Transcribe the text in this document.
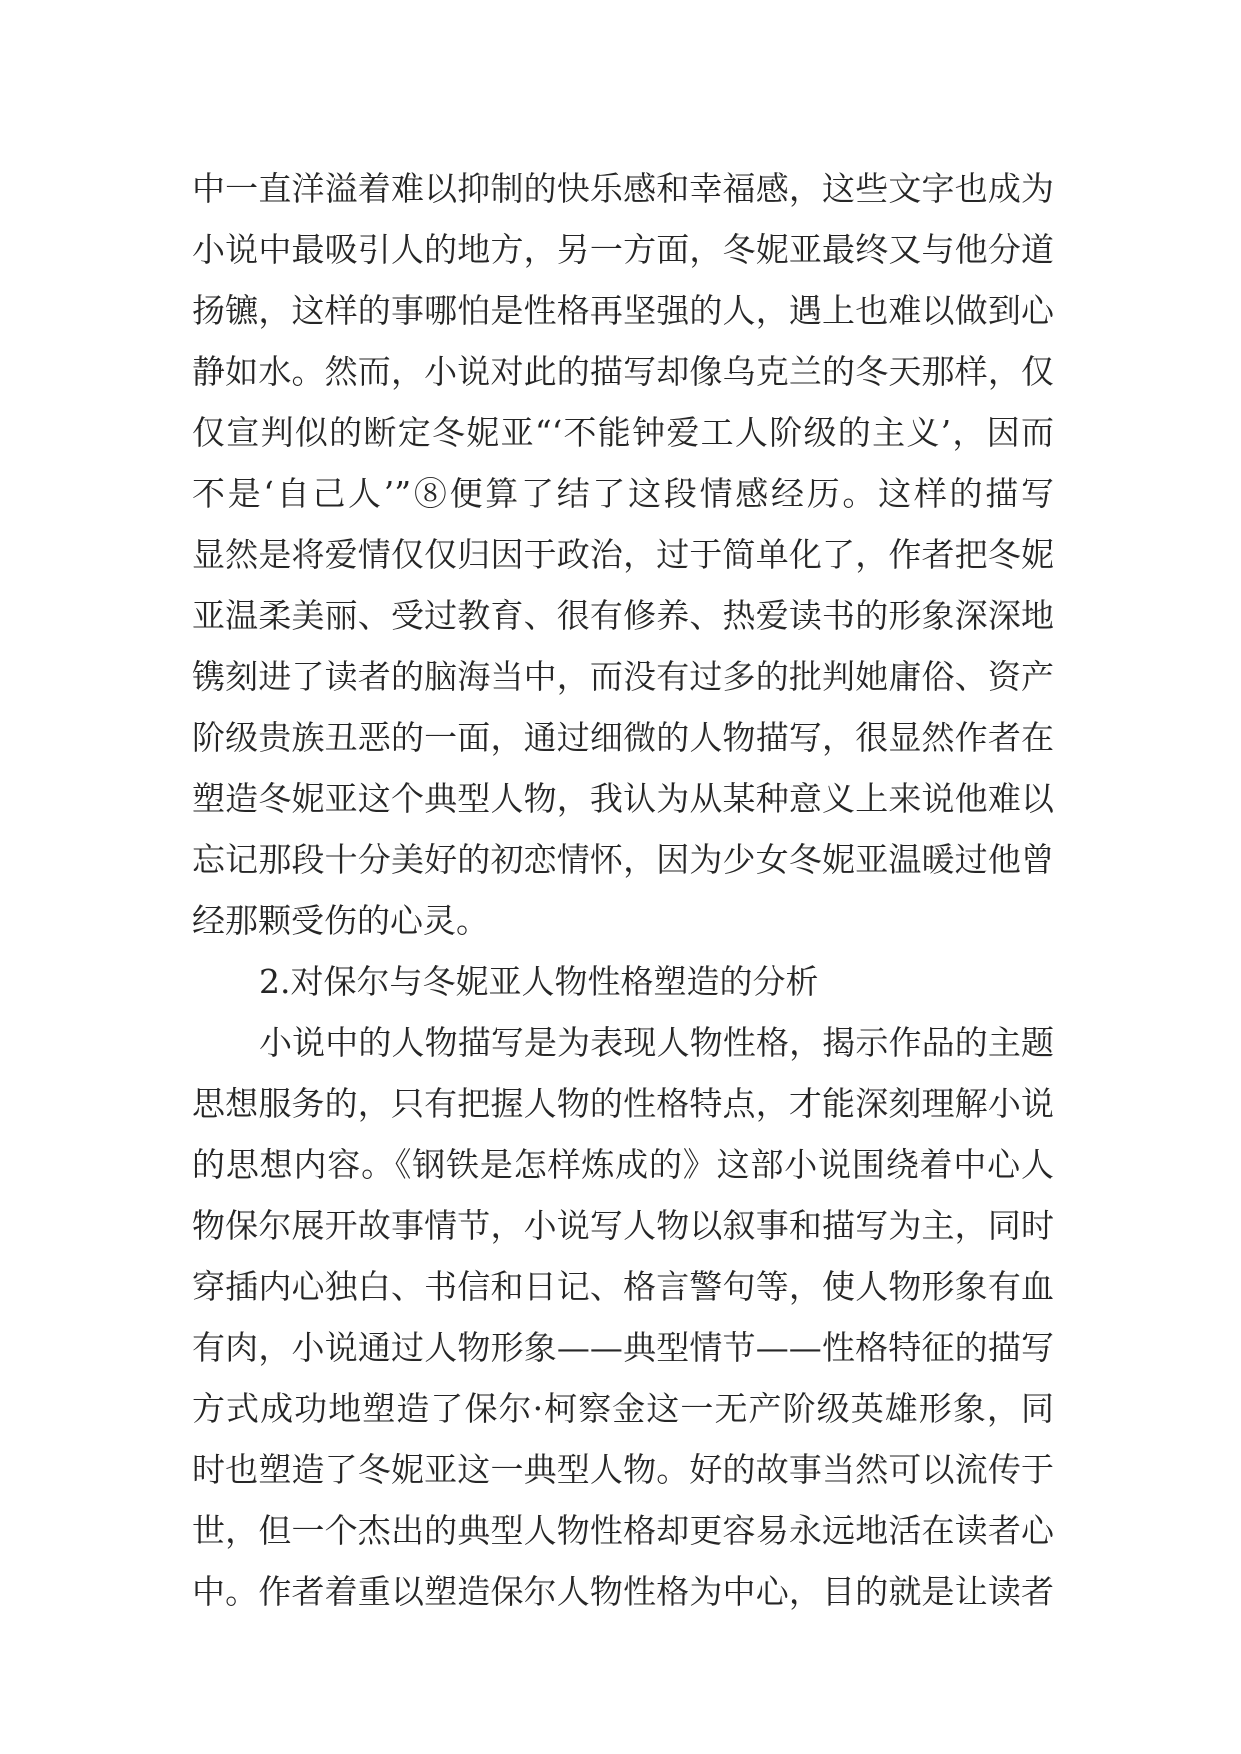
中一直洋溢着难以抑制的快乐感和幸福感，这些文字也成为
小说中最吸引人的地方，另一方面，冬妮亚最终又与他分道
扬镳，这样的事哪怕是性格再坚强的人，遇上也难以做到心
静如水。然而，小说对此的描写却像乌克兰的冬天那样，仅
仅宣判似的断定冬妮亚“‘不能钟爱工人阶级的主义’，因而
不是‘自己人’”⑧便算了结了这段情感经历。这样的描写
显然是将爱情仅仅归因于政治，过于简单化了，作者把冬妮
亚温柔美丽、受过教育、很有修养、热爱读书的形象深深地
镌刻进了读者的脑海当中，而没有过多的批判她庸俗、资产
阶级贵族丑恶的一面，通过细微的人物描写，很显然作者在
塑造冬妮亚这个典型人物，我认为从某种意义上来说他难以
忘记那段十分美好的初恋情怀，因为少女冬妮亚温暖过他曾
经那颗受伤的心灵。
2.对保尔与冬妮亚人物性格塑造的分析
小说中的人物描写是为表现人物性格，揭示作品的主题
思想服务的，只有把握人物的性格特点，才能深刻理解小说
的思想内容。《钢铁是怎样炼成的》这部小说围绕着中心人
物保尔展开故事情节，小说写人物以叙事和描写为主，同时
穿插内心独白、书信和日记、格言警句等，使人物形象有血
有肉，小说通过人物形象——典型情节——性格特征的描写
方式成功地塑造了保尔·柯察金这一无产阶级英雄形象，同
时也塑造了冬妮亚这一典型人物。好的故事当然可以流传于
世，但一个杰出的典型人物性格却更容易永远地活在读者心
中。作者着重以塑造保尔人物性格为中心，目的就是让读者
